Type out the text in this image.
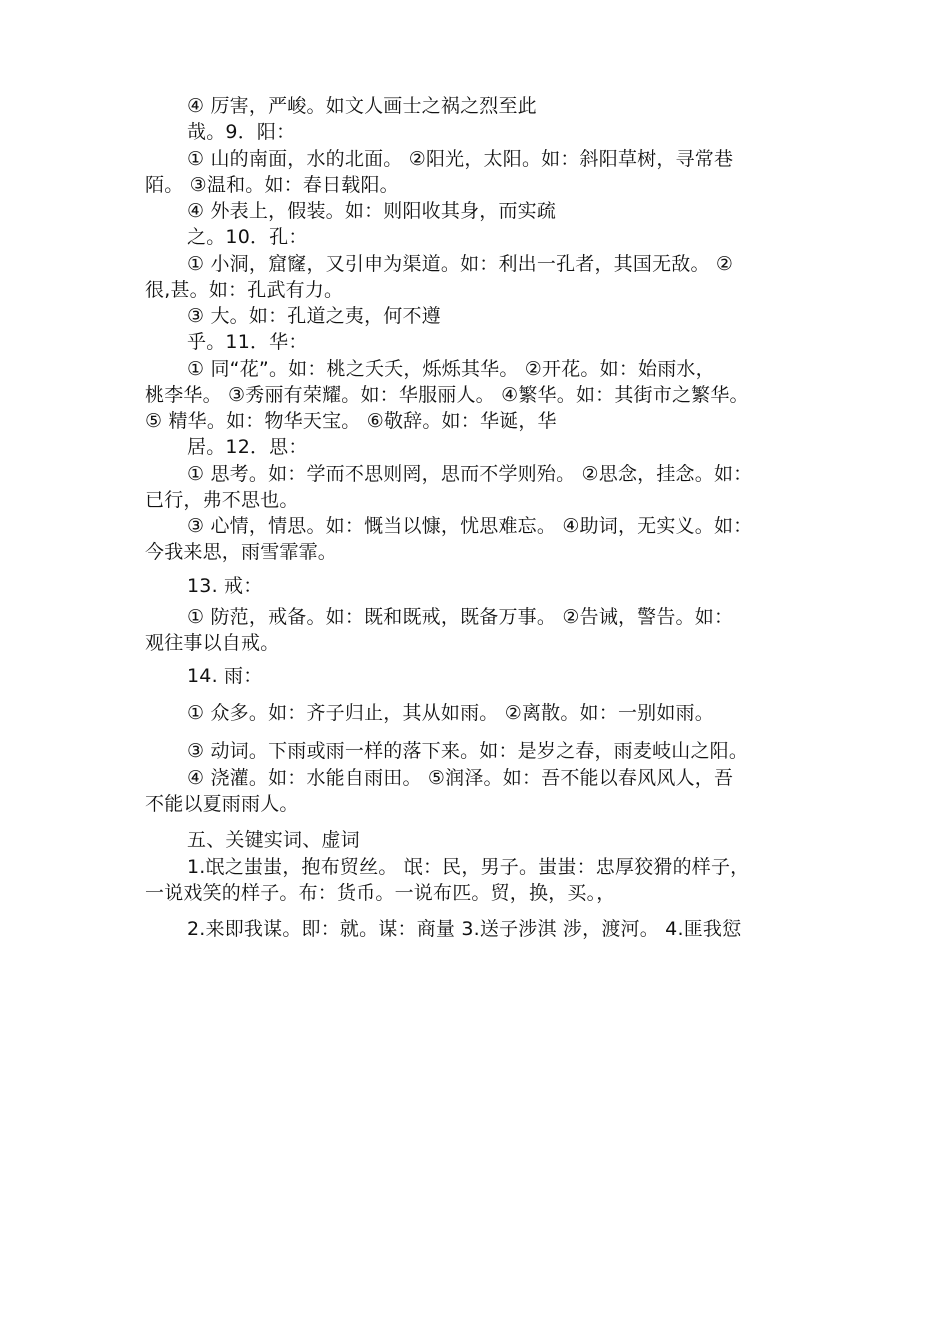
④ 厉害，严峻。如文人画士之祸之烈至此
哉。9．阳：
① 山的南面，水的北面。 ②阳光，太阳。如：斜阳草树，寻常巷
陌。 ③温和。如：春日载阳。
④ 外表上，假装。如：则阳收其身，而实疏
之。10．孔：
① 小洞，窟窿，又引申为渠道。如：利出一孔者，其国无敌。 ②
很,甚。如：孔武有力。
③ 大。如：孔道之夷，何不遵
乎。11．华：
① 同“花”。如：桃之夭夭，烁烁其华。 ②开花。如：始雨水，
桃李华。 ③秀丽有荣耀。如：华服丽人。 ④繁华。如：其街市之繁华。
⑤ 精华。如：物华天宝。 ⑥敬辞。如：华诞，华
居。12．思：
① 思考。如：学而不思则罔，思而不学则殆。 ②思念，挂念。如：
已行，弗不思也。
③ 心情，情思。如：慨当以慷，忧思难忘。 ④助词，无实义。如：
今我来思，雨雪霏霏。
13. 戒：
① 防范，戒备。如：既和既戒，既备万事。 ②告诫，警告。如：
观往事以自戒。
14. 雨：
① 众多。如：齐子归止，其从如雨。 ②离散。如：一别如雨。
③ 动词。下雨或雨一样的落下来。如：是岁之春，雨麦岐山之阳。
④ 浇灌。如：水能自雨田。 ⑤润泽。如：吾不能以春风风人，吾
不能以夏雨雨人。
五、关键实词、虚词
1.氓之蚩蚩，抱布贸丝。 氓：民，男子。蚩蚩：忠厚狡猾的样子，
一说戏笑的样子。布：货币。一说布匹。贸，换，买。，
2.来即我谋。即：就。谋：商量 3.送子涉淇 涉，渡河。 4.匪我愆
